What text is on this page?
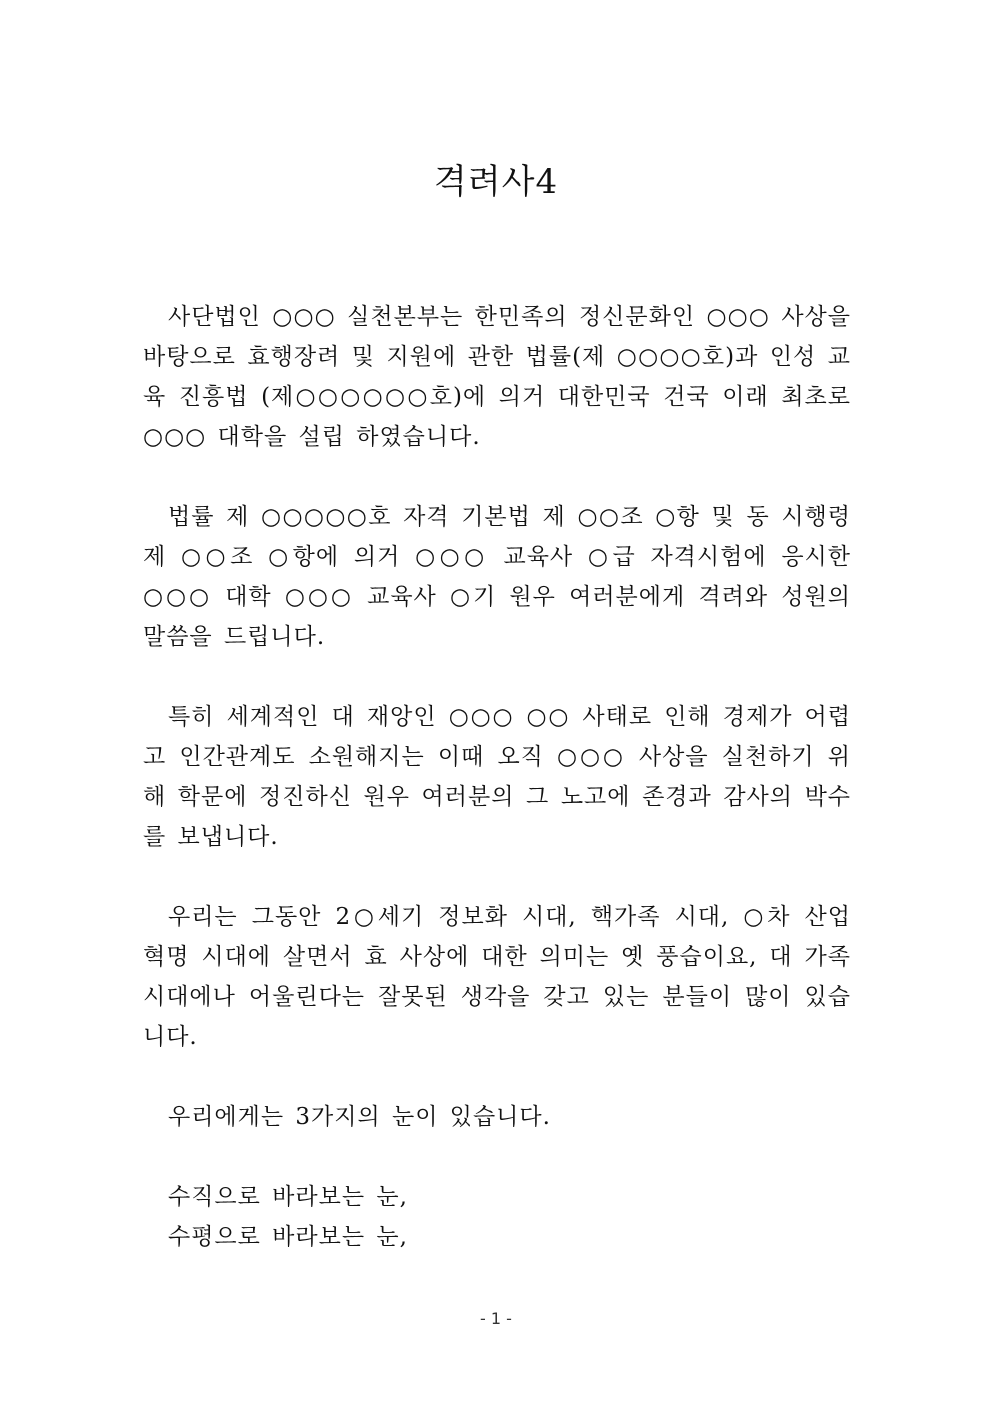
격려사4

사단법인 ○○○ 실천본부는 한민족의 정신문화인 ○○○ 사상을 바탕으로 효행장려 및 지원에 관한 법률(제 ○○○○호)과 인성 교육 진흥법 (제○○○○○○호)에 의거 대한민국 건국 이래 최초로 ○○○ 대학을 설립 하였습니다.

법률 제 ○○○○○호 자격 기본법 제 ○○조 ○항 및 동 시행령 제 ○○조 ○항에 의거 ○○○ 교육사 ○급 자격시험에 응시한 ○○○ 대학 ○○○ 교육사 ○기 원우 여러분에게 격려와 성원의 말씀을 드립니다.

특히 세계적인 대 재앙인 ○○○ ○○ 사태로 인해 경제가 어렵고 인간관계도 소원해지는 이때 오직 ○○○ 사상을 실천하기 위해 학문에 정진하신 원우 여러분의 그 노고에 존경과 감사의 박수를 보냅니다.

우리는 그동안 2○세기 정보화 시대, 핵가족 시대, ○차 산업 혁명 시대에 살면서 효 사상에 대한 의미는 옛 풍습이요, 대 가족 시대에나 어울린다는 잘못된 생각을 갖고 있는 분들이 많이 있습니다.

우리에게는 3가지의 눈이 있습니다.

수직으로 바라보는 눈,

수평으로 바라보는 눈,

- 1 -
